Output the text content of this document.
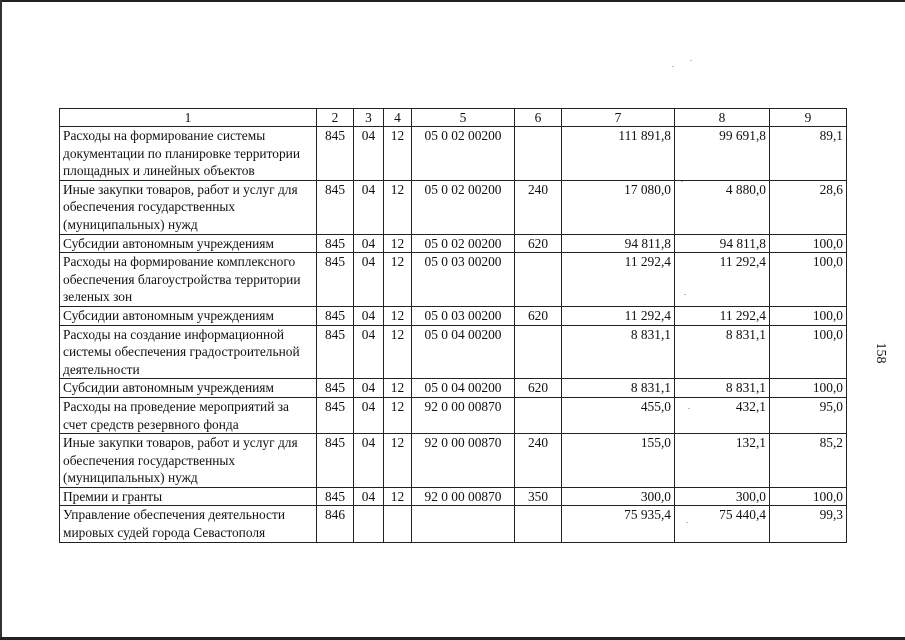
158
1	2	3	4	5	6	7	8	9
Расходы на формирование системы документации по планировке территории площадных и линейных объектов	845	04	12	05 0 02 00200		111 891,8	99 691,8	89,1
Иные закупки товаров, работ и услуг для обеспечения государственных (муниципальных) нужд	845	04	12	05 0 02 00200	240	17 080,0	4 880,0	28,6
Субсидии автономным учреждениям	845	04	12	05 0 02 00200	620	94 811,8	94 811,8	100,0
Расходы на формирование комплексного обеспечения благоустройства территории зеленых зон	845	04	12	05 0 03 00200		11 292,4	11 292,4	100,0
Субсидии автономным учреждениям	845	04	12	05 0 03 00200	620	11 292,4	11 292,4	100,0
Расходы на создание информационной системы обеспечения градостроительной деятельности	845	04	12	05 0 04 00200		8 831,1	8 831,1	100,0
Субсидии автономным учреждениям	845	04	12	05 0 04 00200	620	8 831,1	8 831,1	100,0
Расходы на проведение мероприятий за счет средств резервного фонда	845	04	12	92 0 00 00870		455,0	432,1	95,0
Иные закупки товаров, работ и услуг для обеспечения государственных (муниципальных) нужд	845	04	12	92 0 00 00870	240	155,0	132,1	85,2
Премии и гранты	845	04	12	92 0 00 00870	350	300,0	300,0	100,0
Управление обеспечения деятельности мировых судей города Севастополя	846					75 935,4	75 440,4	99,3
